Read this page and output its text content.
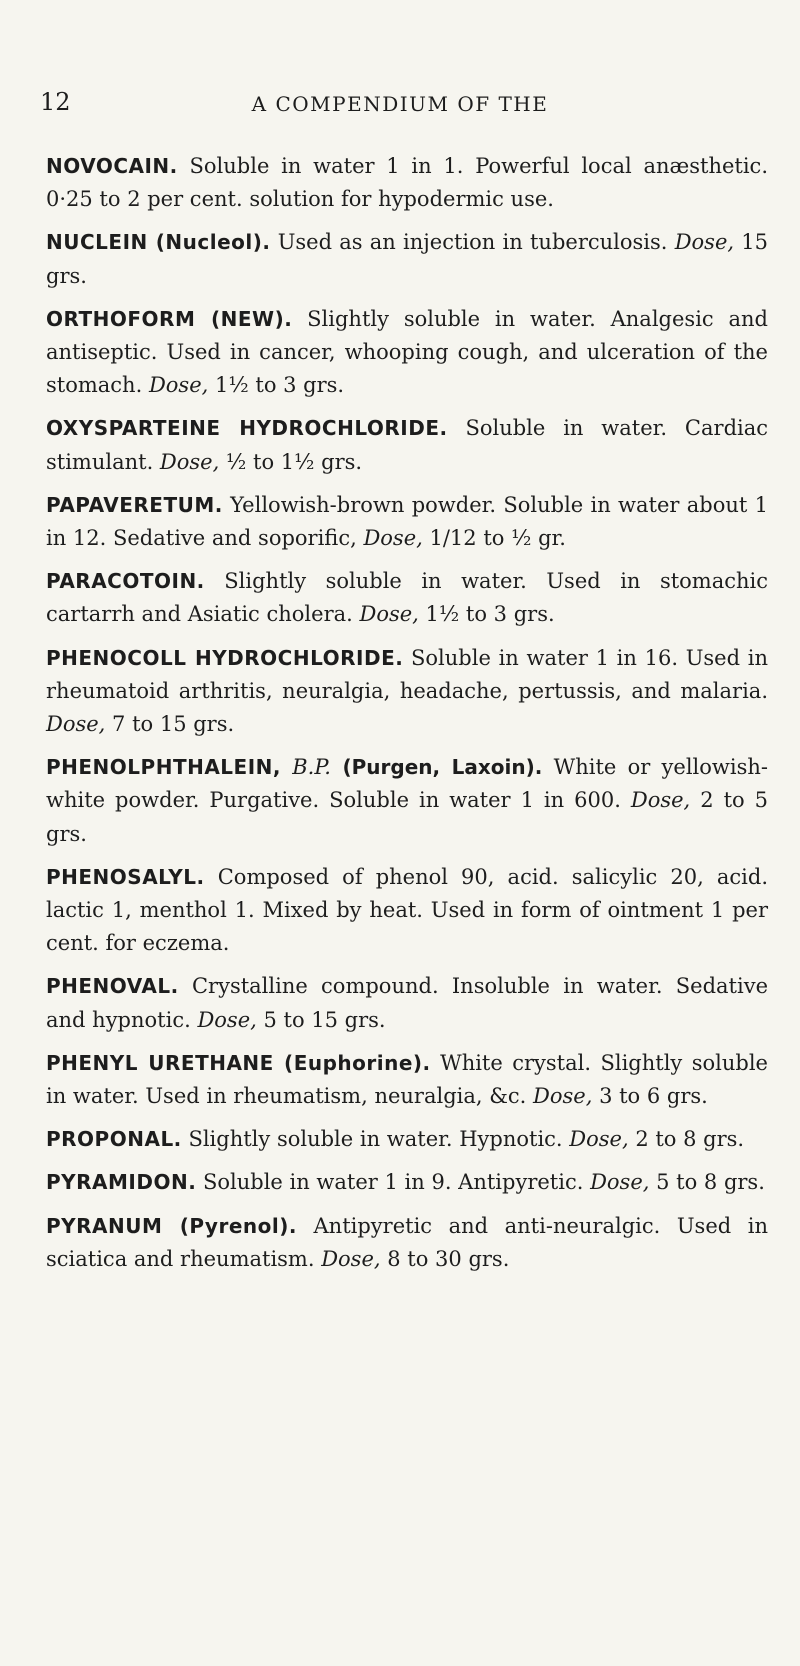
12	A COMPENDIUM OF THE

NOVOCAIN. Soluble in water 1 in 1. Powerful local anæsthetic. 0·25 to 2 per cent. solution for hypodermic use.

NUCLEIN (Nucleol). Used as an injection in tuberculosis. Dose, 15 grs.

ORTHOFORM (NEW). Slightly soluble in water. Analgesic and antiseptic. Used in cancer, whooping cough, and ulceration of the stomach. Dose, 1½ to 3 grs.

OXYSPARTEINE HYDROCHLORIDE. Soluble in water. Cardiac stimulant. Dose, ½ to 1½ grs.

PAPAVERETUM. Yellowish-brown powder. Soluble in water about 1 in 12. Sedative and soporific, Dose, 1/12 to ½ gr.

PARACOTOIN. Slightly soluble in water. Used in stomachic cartarrh and Asiatic cholera. Dose, 1½ to 3 grs.

PHENOCOLL HYDROCHLORIDE. Soluble in water 1 in 16. Used in rheumatoid arthritis, neuralgia, headache, pertussis, and malaria. Dose, 7 to 15 grs.

PHENOLPHTHALEIN, B.P. (Purgen, Laxoin). White or yellowish-white powder. Purgative. Soluble in water 1 in 600. Dose, 2 to 5 grs.

PHENOSALYL. Composed of phenol 90, acid. salicylic 20, acid. lactic 1, menthol 1. Mixed by heat. Used in form of ointment 1 per cent. for eczema.

PHENOVAL. Crystalline compound. Insoluble in water. Sedative and hypnotic. Dose, 5 to 15 grs.

PHENYL URETHANE (Euphorine). White crystal. Slightly soluble in water. Used in rheumatism, neuralgia, &c. Dose, 3 to 6 grs.

PROPONAL. Slightly soluble in water. Hypnotic. Dose, 2 to 8 grs.

PYRAMIDON. Soluble in water 1 in 9. Antipyretic. Dose, 5 to 8 grs.

PYRANUM (Pyrenol). Antipyretic and anti-neuralgic. Used in sciatica and rheumatism. Dose, 8 to 30 grs.
